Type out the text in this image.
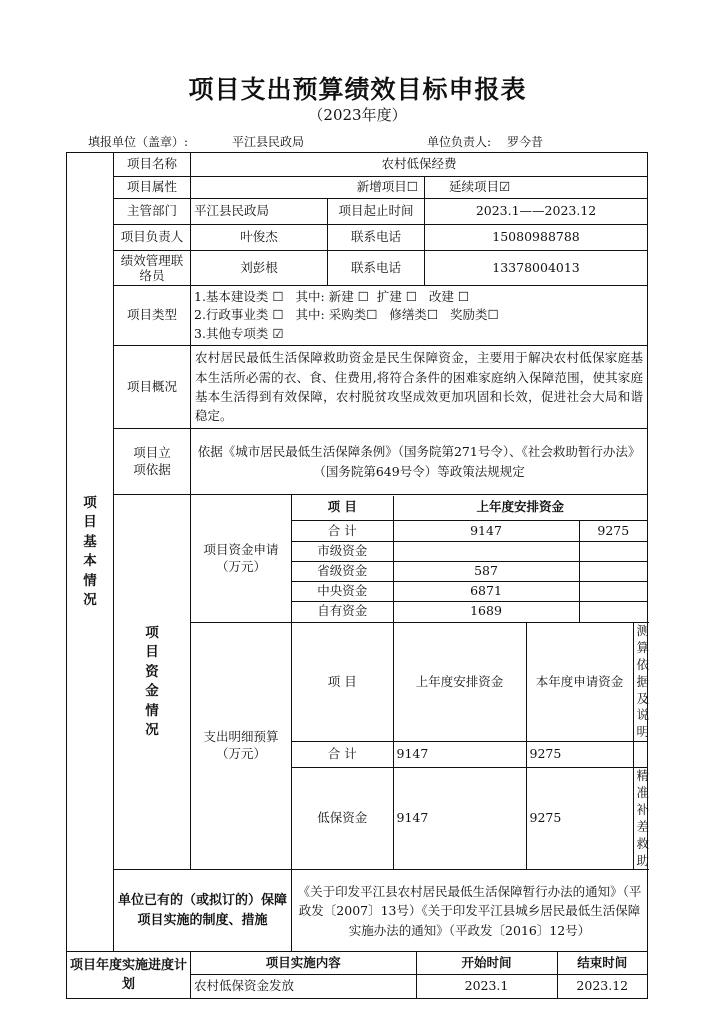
项目支出预算绩效目标申报表
（2023年度）
填报单位（盖章）:	平江县民政局	单位负责人: 罗今昔
项目基本情况
	项目名称	农村低保经费
项目属性	新增项目☐	延续项目☑
主管部门	平江县民政局	项目起止时间	2023.1——2023.12
项目负责人	叶俊杰	联系电话	15080988788
绩效管理联络员	刘彭根	联系电话	13378004013
项目类型	
1.基本建设类 ☐   其中: 新建 ☐  扩建 ☐   改建 ☐
2.行政事业类 ☐   其中: 采购类☐   修缮类☐   奖励类☐
3.其他专项类 ☑

项目概况	农村居民最低生活保障救助资金是民生保障资金，主要用于解决农村低保家庭基本生活所必需的衣、食、住费用,将符合条件的困难家庭纳入保障范围，使其家庭基本生活得到有效保障，农村脱贫攻坚成效更加巩固和长效，促进社会大局和谐稳定。
项目立项依据	依据《城市居民最低生活保障条例》（国务院第271号令）、《社会救助暂行办法》（国务院第649号令）等政策法规规定

项目资金情况
	项目资金申请（万元）	
项 目	上年度安排资金
合 计	9147	9275
市级资金		
省级资金	587	
中央资金	6871	
自有资金	1689	

支出明细预算（万元）	
项 目	上年度安排资金	本年度申请资金	测算依据及说明
合 计	9147	9275	
低保资金	9147	9275	精准补差救助

单位已有的（或拟订的）保障项目实施的制度、措施	《关于印发平江县农村居民最低生活保障暂行办法的通知》（平政发〔2007〕13号）《关于印发平江县城乡居民最低生活保障实施办法的通知》（平政发〔2016〕12号）
项目年度实施进度计划	
项目实施内容	开始时间	结束时间
农村低保资金发放	2023.1	2023.12
